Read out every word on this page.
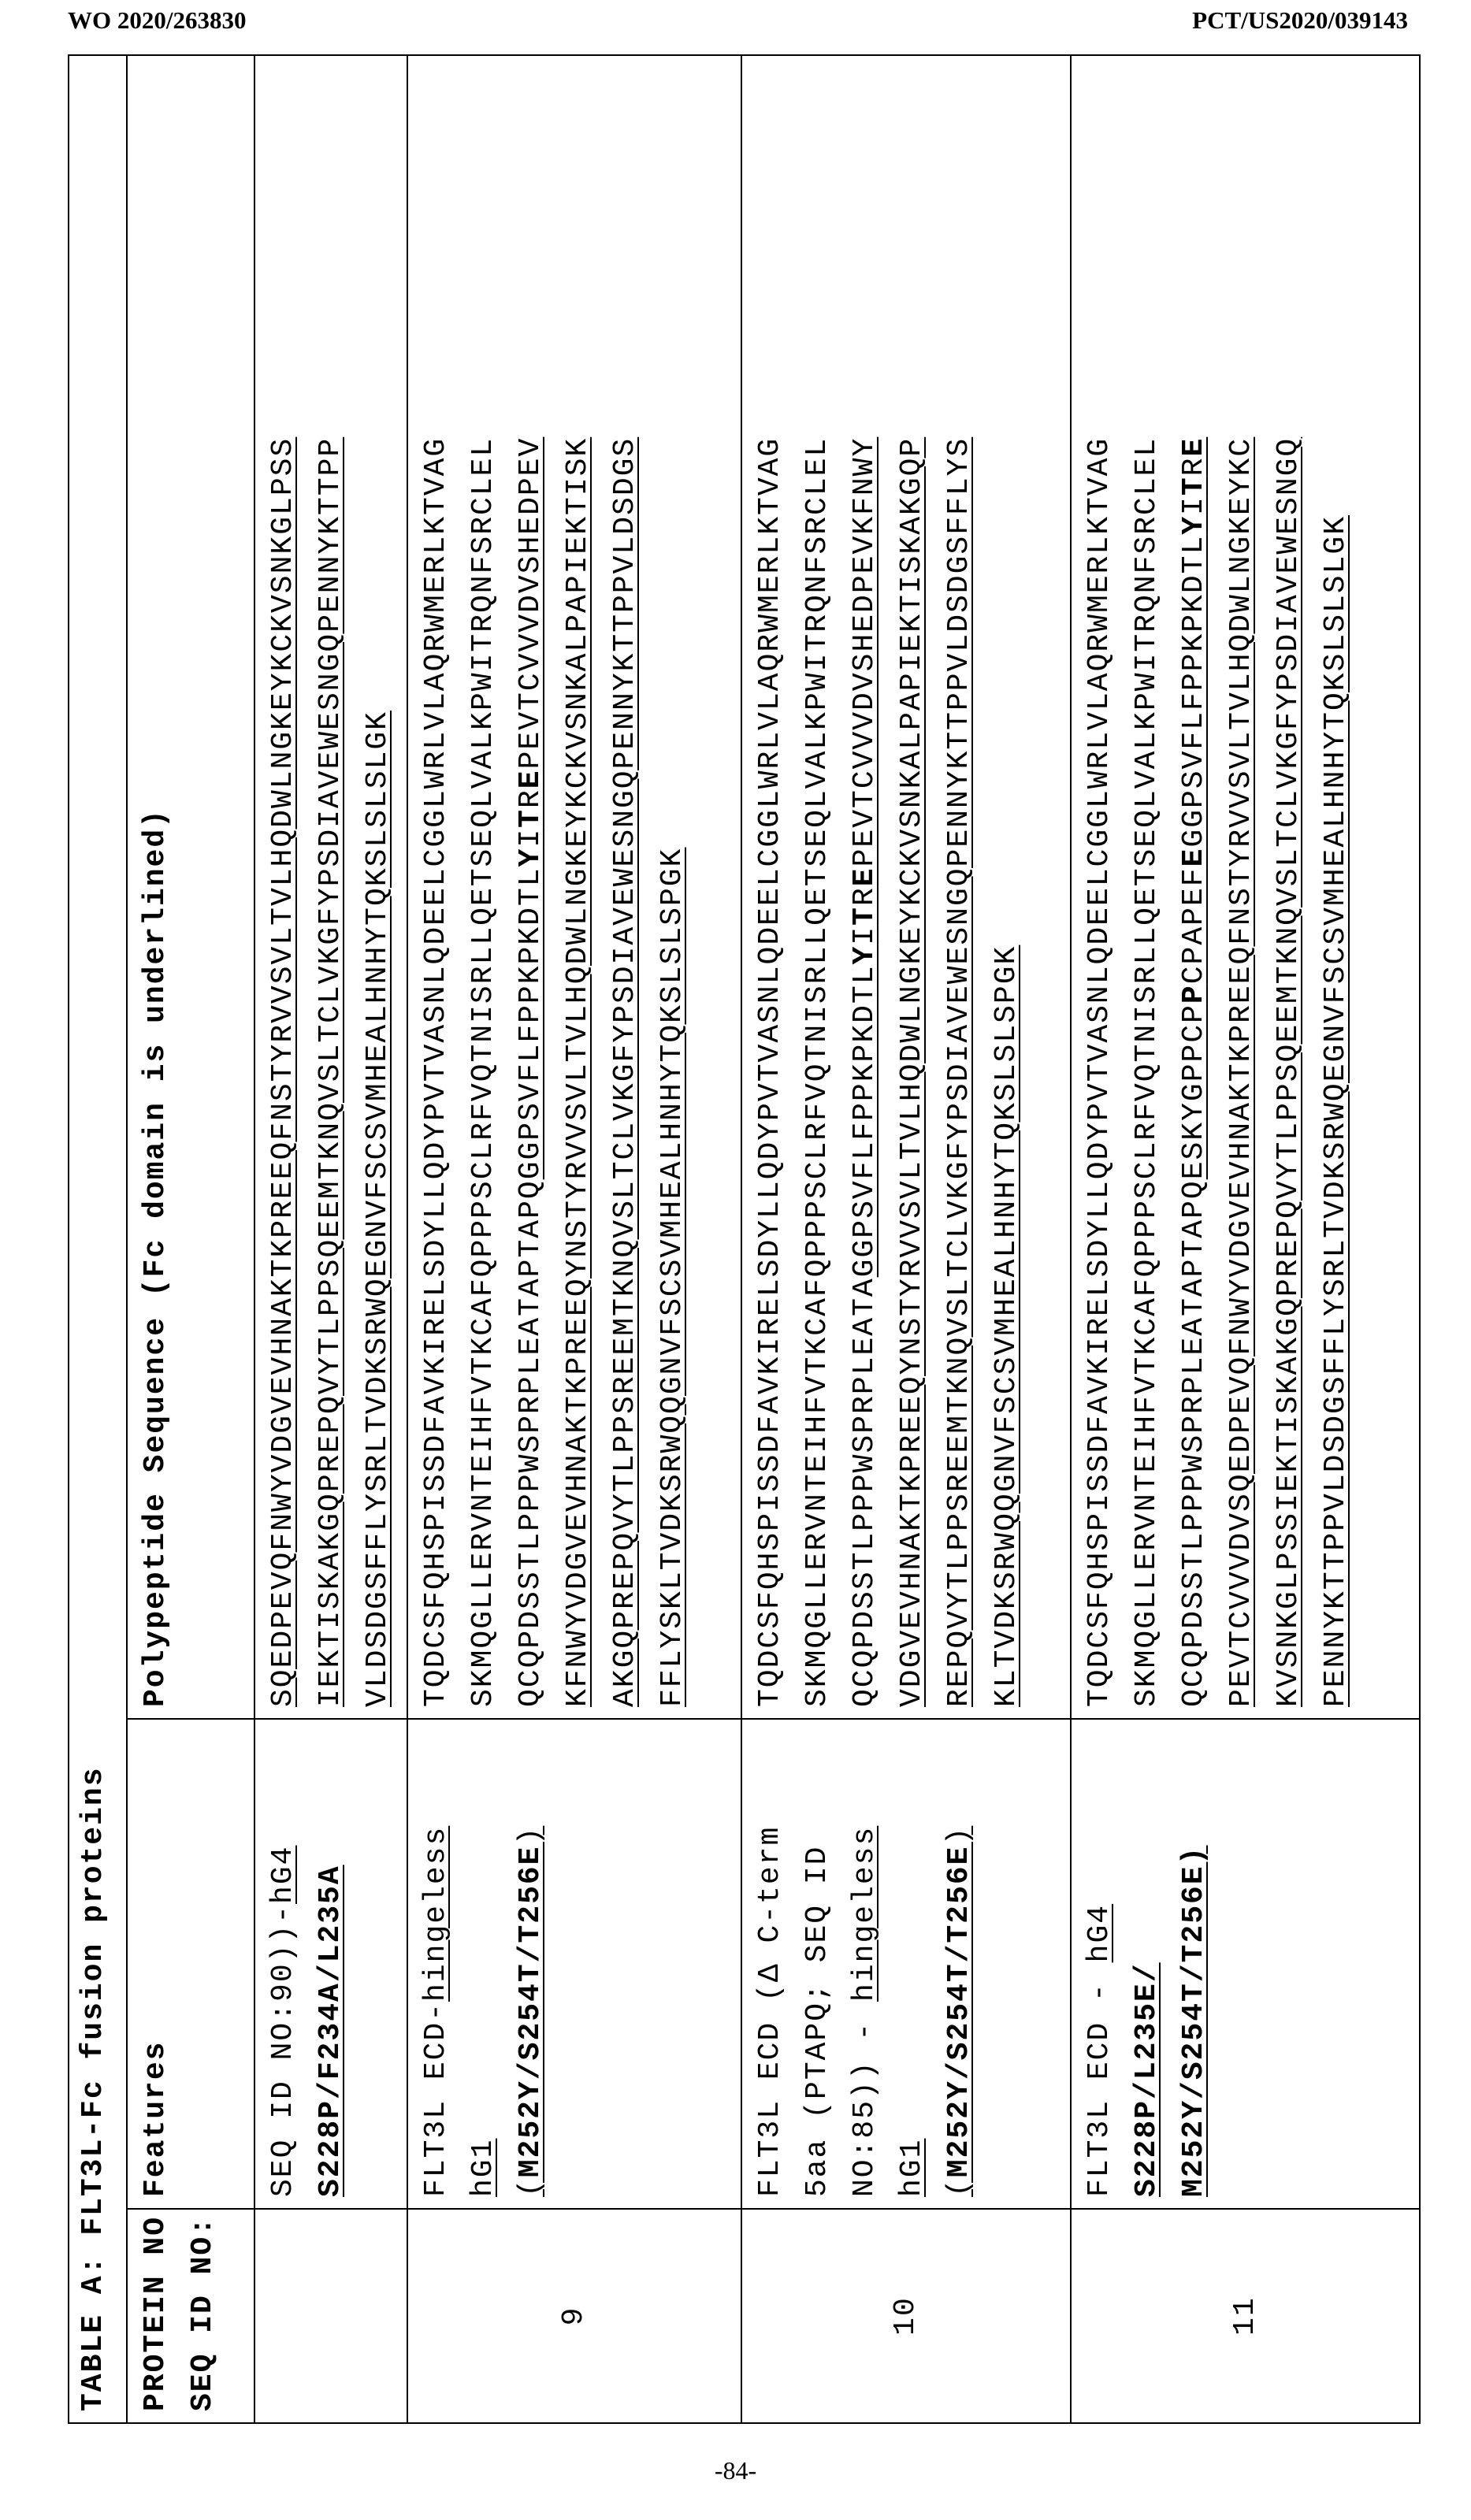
WO 2020/263830	PCT/US2020/039143
TABLE A: FLT3L-Fc fusion proteinsPROTEIN NO: SEQ ID NO:
	Features	Polypeptide Sequence (Fc domain is underlined)

SEQ ID NO:90))-hG4 S228P/F234A/L235A

SQEDPEVQFNWYVDGVEVHNAKTKPREEQFNSTYRVVSVLTVLHQDWLNGKEYKCKVSNKGLPSS IEKTISKAKGQPREPQVYTLPPSQEEMTKNQVSLTCLVKGFYPSDIAVEWESNGQPENNYKTTPP VLDSDGSFFLYSRLTVDKSRWQEGNVFSCSVMHEALHNHYTQKSLSLSLGK

9	
FLT3L ECD-hingeless
hG1 (M252Y/S254T/T256E)

TQDCSFQHSPISSDFAVKIRELSDYLLQDYPVTVASNLQDEELCGGLWRLVLAQRWMERLKTVAG SKMQGLLERVNTEIHFVTKCAFQPPPSCLRFVQTNISRLLQETSEQLVALKPWITRQNFSRCLEL QCQPDSSTLPPPWSPRPLEATAPTAPQGGPSVFLFPPKPKDTLYITREPEVTCVVVDVSHEDPEV KFNWYVDGVEVHNAKTKPREEQYNSTYRVVSVLTVLHQDWLNGKEYKCKVSNKALPAPIEKTISK AKGQPREPQVYTLPPSREEMTKNQVSLTCLVKGFYPSDIAVEWESNGQPENNYKTTPPVLDSDGS FFLYSKLTVDKSRWQQGNVFSCSVMHEALHNHYTQKSLSLSPGK

10	
FLT3L ECD (Δ C-term 5aa (PTAPQ; SEQ ID NO:85)) - hingeless
hG1 (M252Y/S254T/T256E)

TQDCSFQHSPISSDFAVKIRELSDYLLQDYPVTVASNLQDEELCGGLWRLVLAQRWMERLKTVAG SKMQGLLERVNTEIHFVTKCAFQPPPSCLRFVQTNISRLLQETSEQLVALKPWITRQNFSRCLEL QCQPDSSTLPPPWSPRPLEATAGGPSVFLFPPKPKDTLYITREPEVTCVVVDVSHEDPEVKFNWY VDGVEVHNAKTKPREEQYNSTYRVVSVLTVLHQDWLNGKEYKCKVSNKALPAPIEKTISKAKGQP REPQVYTLPPSREEMTKNQVSLTCLVKGFYPSDIAVEWESNGQPENNYKTTPPVLDSDGSFFLYS KLTVDKSRWQQGNVFSCSVMHEALHNHYTQKSLSLSPGK

11	
FLT3L ECD - hG4
S228P/L235E/ M252Y/S254T/T256E)

TQDCSFQHSPISSDFAVKIRELSDYLLQDYPVTVASNLQDEELCGGLWRLVLAQRWMERLKTVAG SKMQGLLERVNTEIHFVTKCAFQPPPSCLRFVQTNISRLLQETSEQLVALKPWITRQNFSRCLEL QCQPDSSTLPPPWSPRPLEATAPTAPQESKYGPPCPPCPAPEFEGGPSVFLFPPKPKDTLYITRE PEVTCVVVDVSQEDPEVQFNWYVDGVEVHNAKTKPREEQFNSTYRVVSVLTVLHQDWLNGKEYKC KVSNKGLPSSIEKTISKAKGQPREPQVYTLPPSQEEMTKNQVSLTCLVKGFYPSDIAVEWESNGQ PENNYKTTPPVLDSDGSFFLYSRLTVDKSRWQEGNVFSCSVMHEALHNHYTQKSLSLSLGK
-84-
